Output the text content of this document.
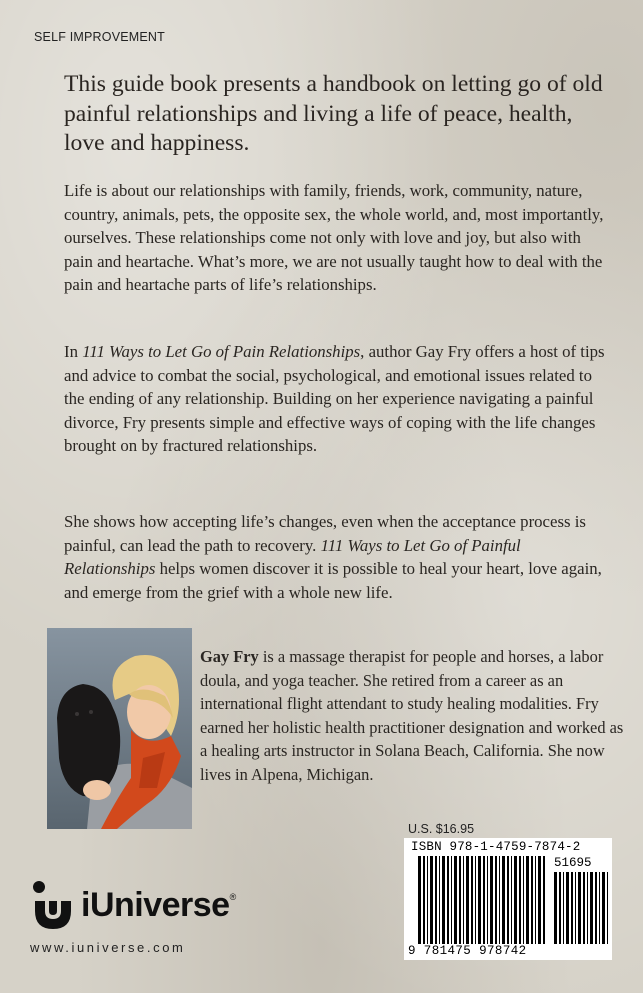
SELF IMPROVEMENT

This guide book presents a handbook on letting go of old painful relationships and living a life of peace, health, love and happiness.

Life is about our relationships with family, friends, work, community, nature, country, animals, pets, the opposite sex, the whole world, and, most importantly, ourselves. These relationships come not only with love and joy, but also with pain and heartache. What’s more, we are not usually taught how to deal with the pain and heartache parts of life’s relationships.

In 111 Ways to Let Go of Pain Relationships, author Gay Fry offers a host of tips and advice to combat the social, psychological, and emotional issues related to the ending of any relationship. Building on her experience navigating a painful divorce, Fry presents simple and effective ways of coping with the life changes brought on by fractured relationships.

She shows how accepting life’s changes, even when the acceptance process is painful, can lead the path to recovery. 111 Ways to Let Go of Painful Relationships helps women discover it is possible to heal your heart, love again, and emerge from the grief with a whole new life.

Gay Fry is a massage therapist for people and horses, a labor doula, and yoga teacher. She retired from a career as an international flight attendant to study healing modalities. Fry earned her holistic health practitioner designation and worked as a healing arts instructor in Solana Beach, California. She now lives in Alpena, Michigan.

U.S. $16.95
ISBN 978-1-4759-7874-2
51695
9 781475 978742
iUniverse®
www.iuniverse.com
